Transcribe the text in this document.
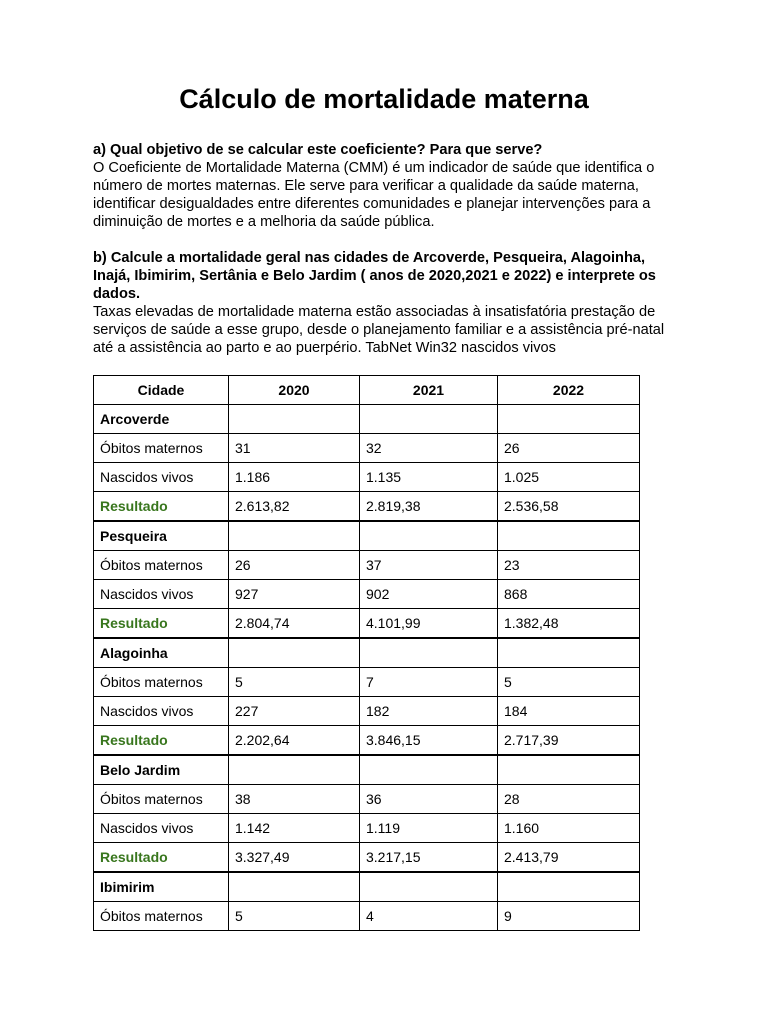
Cálculo de mortalidade materna
a) Qual objetivo de se calcular este coeficiente? Para que serve?
O Coeficiente de Mortalidade Materna (CMM) é um indicador de saúde que identifica o número de mortes maternas. Ele serve para verificar a qualidade da saúde materna, identificar desigualdades entre diferentes comunidades e planejar intervenções para a diminuição de mortes e a melhoria da saúde pública.
b) Calcule a mortalidade geral nas cidades de Arcoverde, Pesqueira, Alagoinha, Inajá, Ibimirim, Sertânia e Belo Jardim ( anos de 2020,2021 e 2022) e interprete os dados.
Taxas elevadas de mortalidade materna estão associadas à insatisfatória prestação de serviços de saúde a esse grupo, desde o planejamento familiar e a assistência pré-natal até a assistência ao parto e ao puerpério. TabNet Win32 nascidos vivos
Cidade	2020	2021	2022
Arcoverde			
Óbitos maternos	31	32	26
Nascidos vivos	1.186	1.135	1.025
Resultado	2.613,82	2.819,38	2.536,58
Pesqueira			
Óbitos maternos	26	37	23
Nascidos vivos	927	902	868
Resultado	2.804,74	4.101,99	1.382,48
Alagoinha			
Óbitos maternos	5	7	5
Nascidos vivos	227	182	184
Resultado	2.202,64	3.846,15	2.717,39
Belo Jardim			
Óbitos maternos	38	36	28
Nascidos vivos	1.142	1.119	1.160
Resultado	3.327,49	3.217,15	2.413,79
Ibimirim			
Óbitos maternos	5	4	9
